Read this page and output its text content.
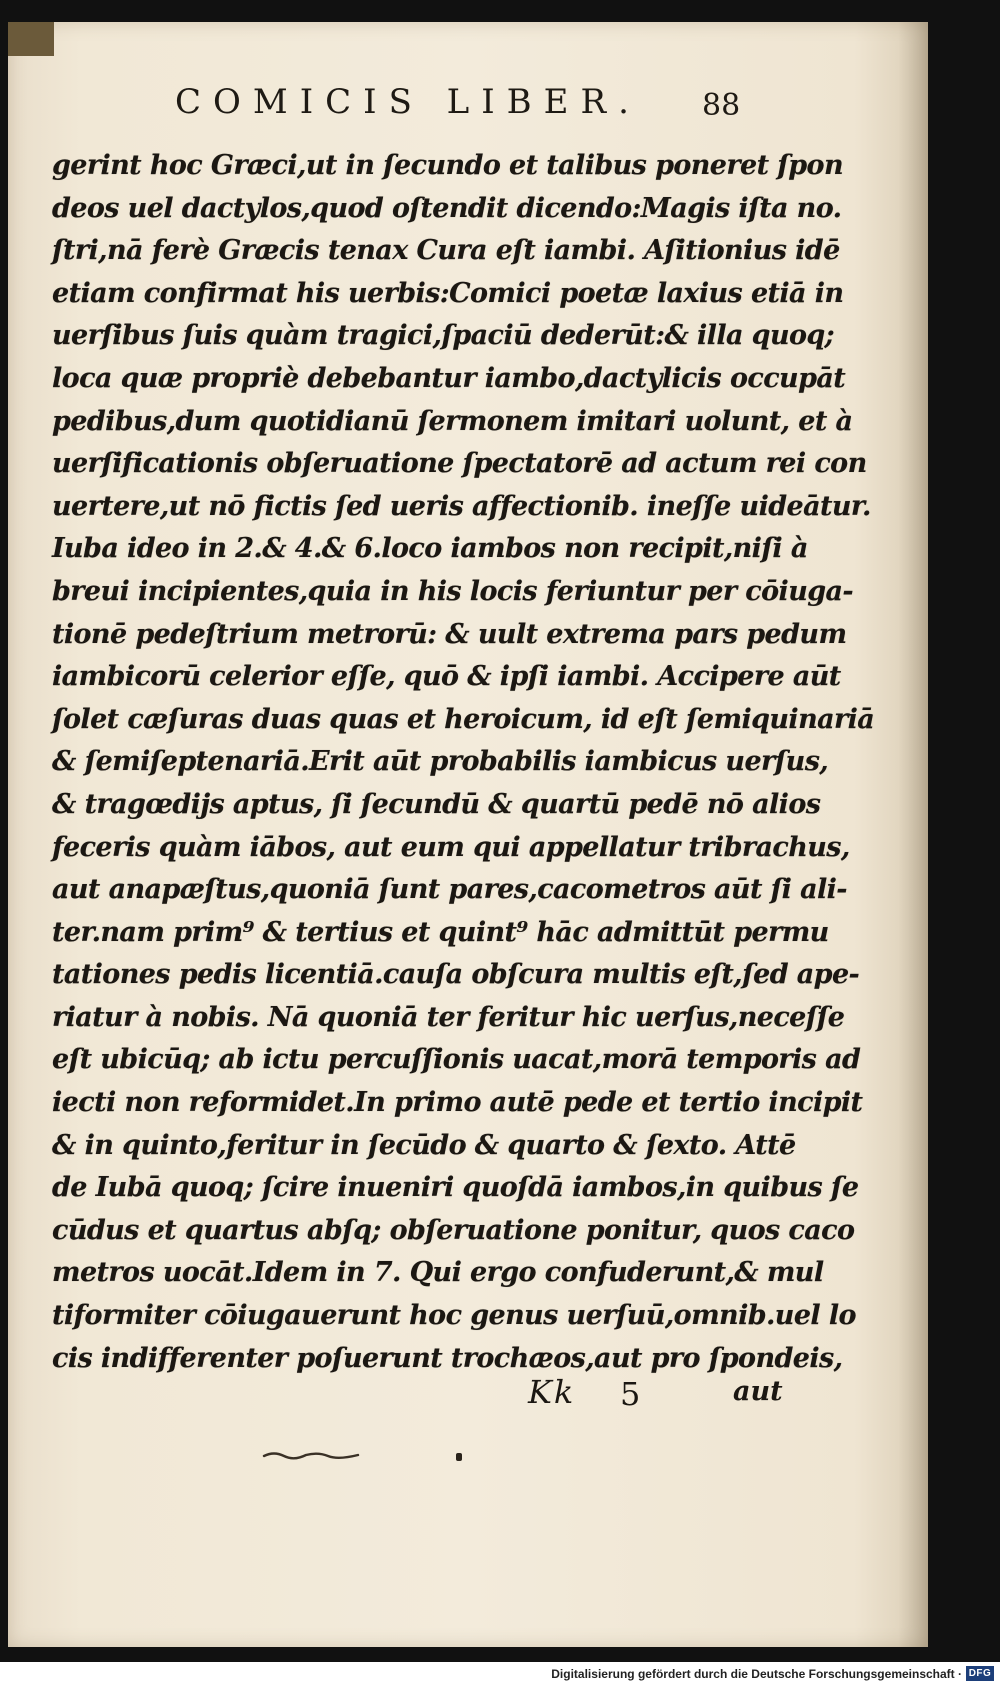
COMICIS LIBER. 88
gerint hoc Græci,ut in ſecundo et talibus poneret ſpon
deos uel dactylos,quod oſtendit dicendo:Magis iſta no.
ſtri,nā ferè Græcis tenax Cura eſt iambi. Aſitionius idē
etiam confirmat his uerbis:Comici poetæ laxius etiā in
uerſibus ſuis quàm tragici,ſpaciū dederūt:& illa quoq;
loca quæ propriè debebantur iambo,dactylicis occupāt
pedibus,dum quotidianū ſermonem imitari uolunt, et à
uerſificationis obſeruatione ſpectatorē ad actum rei con
uertere,ut nō fictis ſed ueris affectionib. ineſſe uideātur.
Iuba ideo in 2.& 4.& 6.loco iambos non recipit,niſi à
breui incipientes,quia in his locis feriuntur per cōiuga-
tionē pedeſtrium metrorū: & uult extrema pars pedum
iambicorū celerior eſſe, quō & ipſi iambi. Accipere aūt
ſolet cæſuras duas quas et heroicum, id eſt ſemiquinariā
& ſemiſeptenariā.Erit aūt probabilis iambicus uerſus,
& tragœdijs aptus, ſi ſecundū & quartū pedē nō alios
feceris quàm iābos, aut eum qui appellatur tribrachus,
aut anapæſtus,quoniā ſunt pares,cacometros aūt ſi ali-
ter.nam prim⁹ & tertius et quint⁹ hāc admittūt permu
tationes pedis licentiā.cauſa obſcura multis eſt,ſed ape-
riatur à nobis. Nā quoniā ter feritur hic uerſus,neceſſe
eſt ubicūq; ab ictu percuſſionis uacat,morā temporis ad
iecti non reformidet.In primo autē pede et tertio incipit
& in quinto,feritur in ſecūdo & quarto & ſexto. Attē
de Iubā quoq; ſcire inueniri quoſdā iambos,in quibus ſe
cūdus et quartus abſq; obſeruatione ponitur, quos caco
metros uocāt.Idem in 7. Qui ergo confuderunt,& mul
tiformiter cōiugauerunt hoc genus uerſuū,omnib.uel lo
cis indifferenter poſuerunt trochæos,aut pro ſpondeis,
Kk 5	aut
Digitalisierung gefördert durch die Deutsche Forschungsgemeinschaft · DFG
